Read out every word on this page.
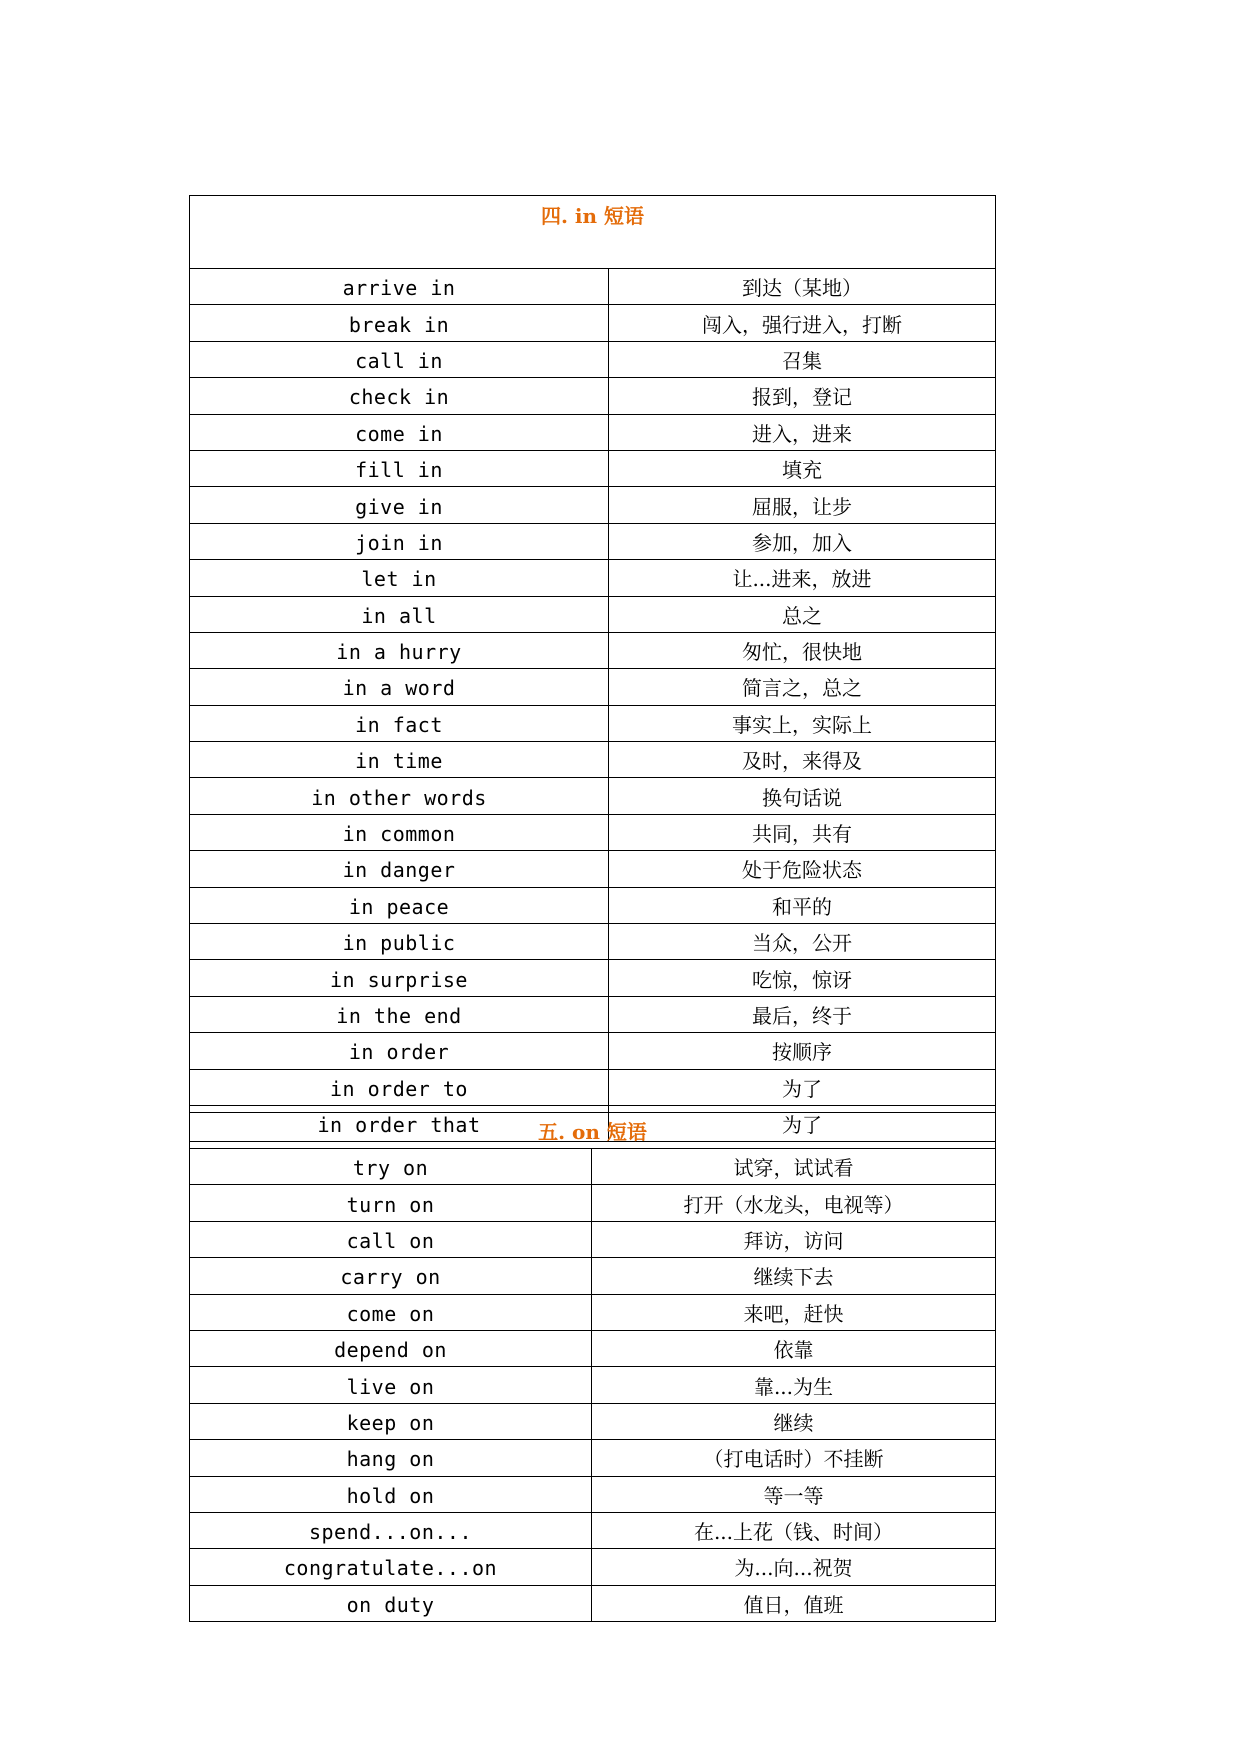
四. in 短语	
arrive in	到达（某地）
break in	闯入，强行进入，打断
call in	召集
check in	报到，登记
come in	进入，进来
fill in	填充
give in	屈服，让步
join in	参加，加入
let in	让...进来，放进
in all	总之
in a hurry	匆忙，很快地
in a word	简言之，总之
in fact	事实上，实际上
in time	及时，来得及
in other words	换句话说
in common	共同，共有
in danger	处于危险状态
in peace	和平的
in public	当众，公开
in surprise	吃惊，惊讶
in the end	最后，终于
in order	按顺序
in order to	为了
in order that	为了
五. on 短语	
try on	试穿，试试看
turn on	打开（水龙头，电视等）
call on	拜访，访问
carry on	继续下去
come on	来吧，赶快
depend on	依靠
live on	靠...为生
keep on	继续
hang on	（打电话时）不挂断
hold on	等一等
spend...on...	在...上花（钱、时间）
congratulate...on	为...向...祝贺
on duty	值日，值班
